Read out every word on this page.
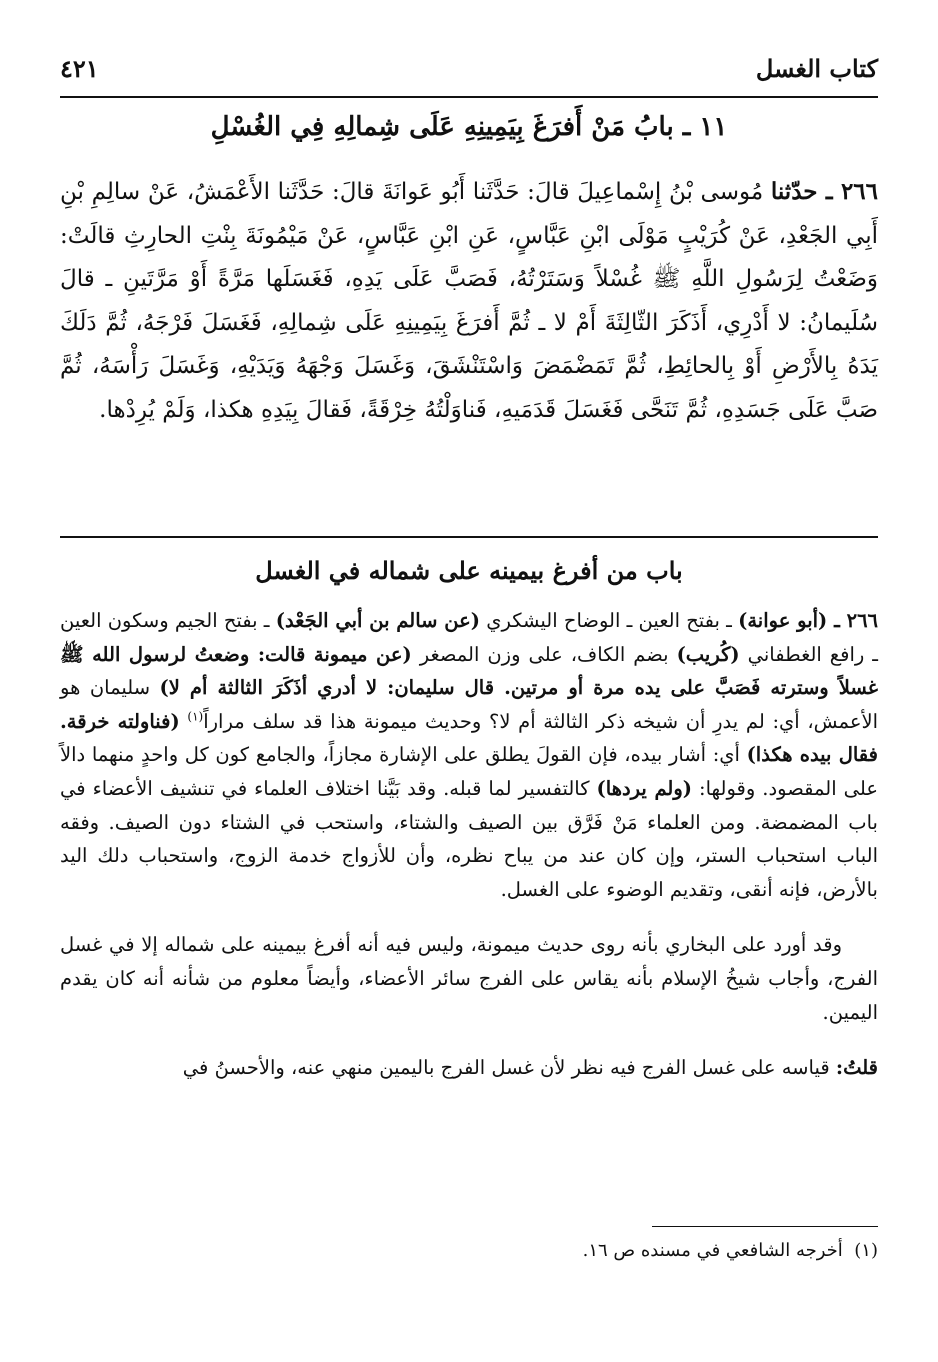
كتاب الغسل
٤٢١
١١ ـ بابُ مَنْ أَفرَغَ بِيَمِينِهِ عَلَى شِمالِهِ فِي الغُسْلِ

٢٦٦ ـ حدّثنا مُوسى بْنُ إِسْماعِيلَ قالَ: حَدَّثَنا أَبُو عَوانَةَ قالَ: حَدَّثَنا الأَعْمَشُ، عَنْ سالِمِ بْنِ أَبِي الجَعْدِ، عَنْ كُرَيْبٍ مَوْلَى ابْنِ عَبَّاسٍ، عَنِ ابْنِ عَبَّاسٍ، عَنْ مَيْمُونَةَ بِنْتِ الحارِثِ قالَتْ: وَضَعْتُ لِرَسُولِ اللَّهِ ﷺ غُسْلاً وَسَتَرْتُهُ، فَصَبَّ عَلَى يَدِهِ، فَغَسَلَها مَرَّةً أَوْ مَرَّتَينِ ـ قالَ سُلَيمانُ: لا أَدْرِي، أَذَكَرَ الثّالِثَةَ أَمْ لا ـ ثُمَّ أَفرَغَ بِيَمِينِهِ عَلَى شِمالِهِ، فَغَسَلَ فَرْجَهُ، ثُمَّ دَلَكَ يَدَهُ بِالأَرْضِ أَوْ بِالحائِطِ، ثُمَّ تَمَضْمَضَ وَاسْتَنْشَقَ، وَغَسَلَ وَجْهَهُ وَيَدَيْهِ، وَغَسَلَ رَأْسَهُ، ثُمَّ صَبَّ عَلَى جَسَدِهِ، ثُمَّ تَنَحَّى فَغَسَلَ قَدَمَيهِ، فَناوَلْتُهُ خِرْقَةً، فَقالَ بِيَدِهِ هكذا، وَلَمْ يُرِدْها.

باب من أفرغ بيمينه على شماله في الغسل

٢٦٦ ـ (أبو عوانة) ـ بفتح العين ـ الوضاح اليشكري (عن سالم بن أبي الجَعْد) ـ بفتح الجيم وسكون العين ـ رافع الغطفاني (كُريب) بضم الكاف، على وزن المصغر (عن ميمونة قالت: وضعتُ لرسول الله ﷺ غسلاً وسترته فَصَبَّ على يده مرة أو مرتين. قال سليمان: لا أدري أذَكَرَ الثالثة أم لا) سليمان هو الأعمش، أي: لم يدرِ أن شيخه ذكر الثالثة أم لا؟ وحديث ميمونة هذا قد سلف مراراً$^{(١)}$ (فناولته خرقة. فقال بيده هكذا) أي: أشار بيده، فإن القولَ يطلق على الإشارة مجازاً، والجامع كون كل واحدٍ منهما دالاً على المقصود. وقولها: (ولم يردها) كالتفسير لما قبله. وقد بَيَّنا اختلاف العلماء في تنشيف الأعضاء في باب المضمضة. ومن العلماء مَنْ فَرَّق بين الصيف والشتاء، واستحب في الشتاء دون الصيف. وفقه الباب استحباب الستر، وإن كان عند من يباح نظره، وأن للأزواج خدمة الزوج، واستحباب دلك اليد بالأرض، فإنه أنقى، وتقديم الوضوء على الغسل.

وقد أورد على البخاري بأنه روى حديث ميمونة، وليس فيه أنه أفرغ بيمينه على شماله إلا في غسل الفرج، وأجاب شيخُ الإسلام بأنه يقاس على الفرج سائر الأعضاء، وأيضاً معلوم من شأنه أنه كان يقدم اليمين.

قلتُ: قياسه على غسل الفرج فيه نظر لأن غسل الفرج باليمين منهي عنه، والأحسنُ في

(١)  أخرجه الشافعي في مسنده ص ١٦.
